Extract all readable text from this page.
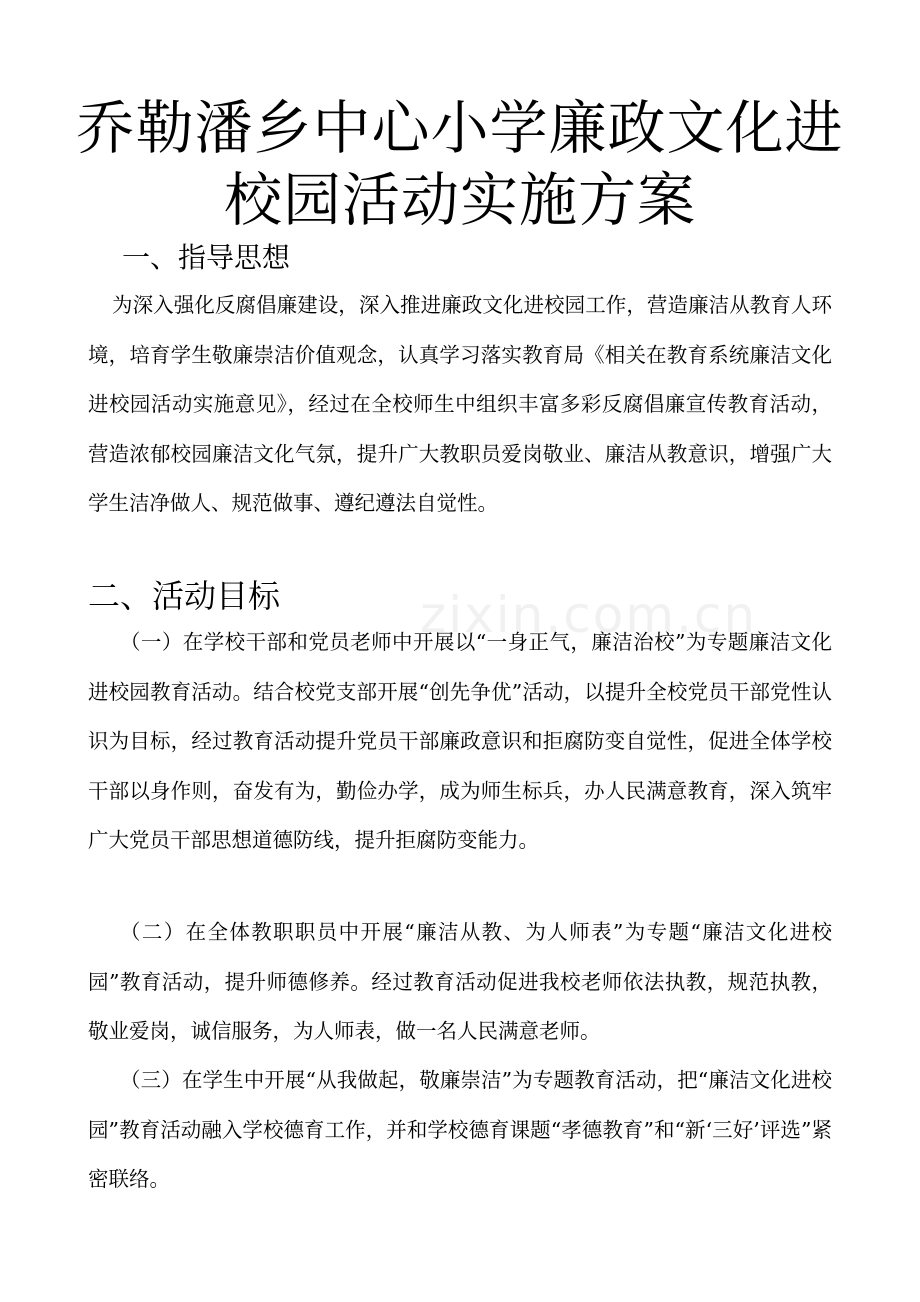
乔勒潘乡中心小学廉政文化进
校园活动实施方案
一、指导思想

为深入强化反腐倡廉建设，深入推进廉政文化进校园工作，营造廉洁从教育人环境，培育学生敬廉崇洁价值观念，认真学习落实教育局《相关在教育系统廉洁文化进校园活动实施意见》，经过在全校师生中组织丰富多彩反腐倡廉宣传教育活动，营造浓郁校园廉洁文化气氛，提升广大教职员爱岗敬业、廉洁从教意识，增强广大学生洁净做人、规范做事、遵纪遵法自觉性。

zixin.com.cn
二、活动目标

（一）在学校干部和党员老师中开展以“一身正气，廉洁治校”为专题廉洁文化进校园教育活动。结合校党支部开展“创先争优”活动，以提升全校党员干部党性认识为目标，经过教育活动提升党员干部廉政意识和拒腐防变自觉性，促进全体学校干部以身作则，奋发有为，勤俭办学，成为师生标兵，办人民满意教育，深入筑牢广大党员干部思想道德防线，提升拒腐防变能力。

（二）在全体教职职员中开展“廉洁从教、为人师表”为专题“廉洁文化进校园”教育活动，提升师德修养。经过教育活动促进我校老师依法执教，规范执教，敬业爱岗，诚信服务，为人师表，做一名人民满意老师。

（三）在学生中开展“从我做起，敬廉崇洁”为专题教育活动，把“廉洁文化进校园”教育活动融入学校德育工作，并和学校德育课题“孝德教育”和“新‘三好’评选”紧密联络。
